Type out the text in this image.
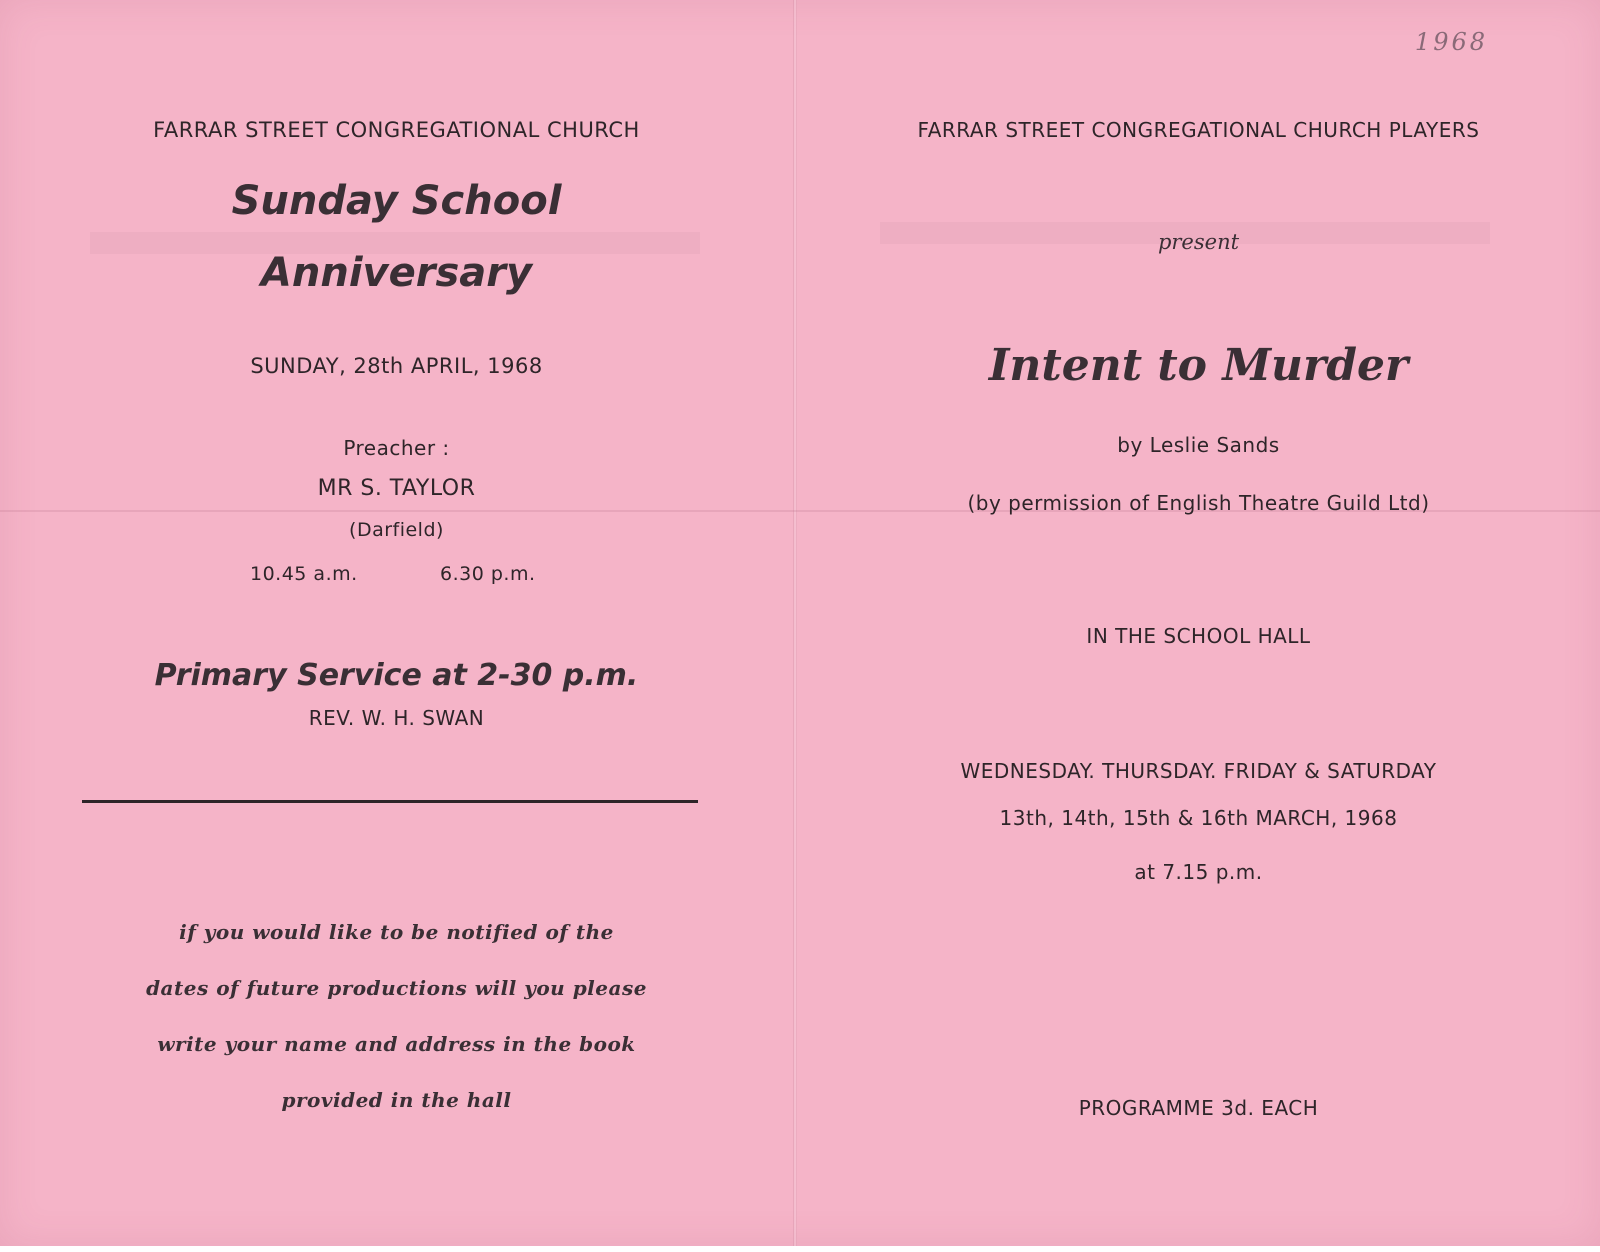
FARRAR STREET CONGREGATIONAL CHURCH
Sunday School
Anniversary
SUNDAY, 28th APRIL, 1968
Preacher :
MR S. TAYLOR
(Darfield)
10.45 a.m.	6.30 p.m.
Primary Service at 2-30 p.m.
REV. W. H. SWAN
if you would like to be notified of the
dates of future productions will you please
write your name and address in the book
provided in the hall
1968
FARRAR STREET CONGREGATIONAL CHURCH PLAYERS
present
Intent to Murder
by Leslie Sands
(by permission of English Theatre Guild Ltd)
IN THE SCHOOL HALL
WEDNESDAY. THURSDAY. FRIDAY & SATURDAY
13th, 14th, 15th & 16th MARCH, 1968
at 7.15 p.m.
PROGRAMME 3d. EACH
